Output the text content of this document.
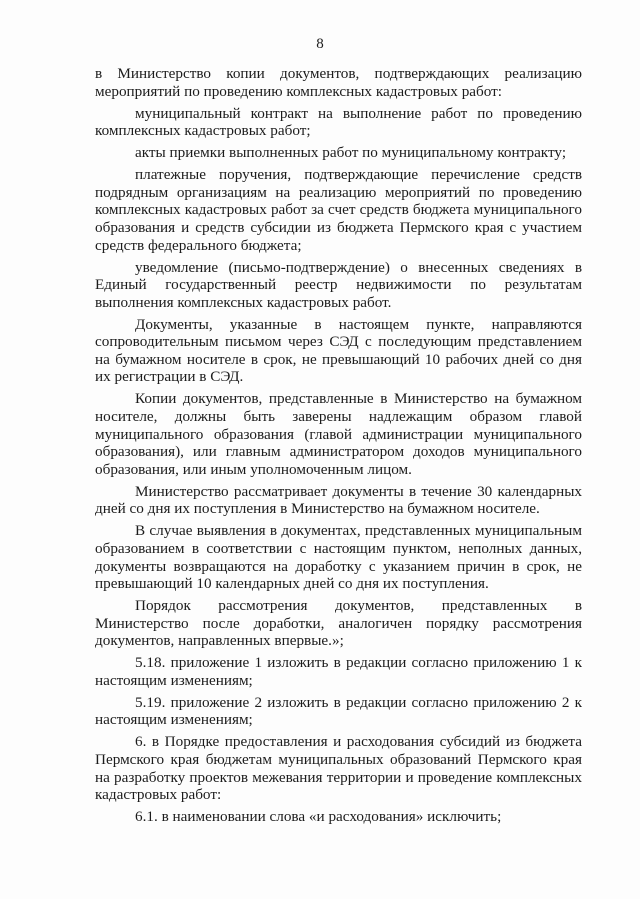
8

в Министерство копии документов, подтверждающих реализацию мероприятий по проведению комплексных кадастровых работ:

муниципальный контракт на выполнение работ по проведению комплексных кадастровых работ;

акты приемки выполненных работ по муниципальному контракту;

платежные поручения, подтверждающие перечисление средств подрядным организациям на реализацию мероприятий по проведению комплексных кадастровых работ за счет средств бюджета муниципального образования и средств субсидии из бюджета Пермского края с участием средств федерального бюджета;

уведомление (письмо-подтверждение) о внесенных сведениях в Единый государственный реестр недвижимости по результатам выполнения комплексных кадастровых работ.

Документы, указанные в настоящем пункте, направляются сопроводительным письмом через СЭД с последующим представлением на бумажном носителе в срок, не превышающий 10 рабочих дней со дня их регистрации в СЭД.

Копии документов, представленные в Министерство на бумажном носителе, должны быть заверены надлежащим образом главой муниципального образования (главой администрации муниципального образования), или главным администратором доходов муниципального образования, или иным уполномоченным лицом.

Министерство рассматривает документы в течение 30 календарных дней со дня их поступления в Министерство на бумажном носителе.

В случае выявления в документах, представленных муниципальным образованием в соответствии с настоящим пунктом, неполных данных, документы возвращаются на доработку с указанием причин в срок, не превышающий 10 календарных дней со дня их поступления.

Порядок рассмотрения документов, представленных в Министерство после доработки, аналогичен порядку рассмотрения документов, направленных впервые.»;

5.18. приложение 1 изложить в редакции согласно приложению 1 к настоящим изменениям;

5.19. приложение 2 изложить в редакции согласно приложению 2 к настоящим изменениям;

6. в Порядке предоставления и расходования субсидий из бюджета Пермского края бюджетам муниципальных образований Пермского края на разработку проектов межевания территории и проведение комплексных кадастровых работ:

6.1. в наименовании слова «и расходования» исключить;
